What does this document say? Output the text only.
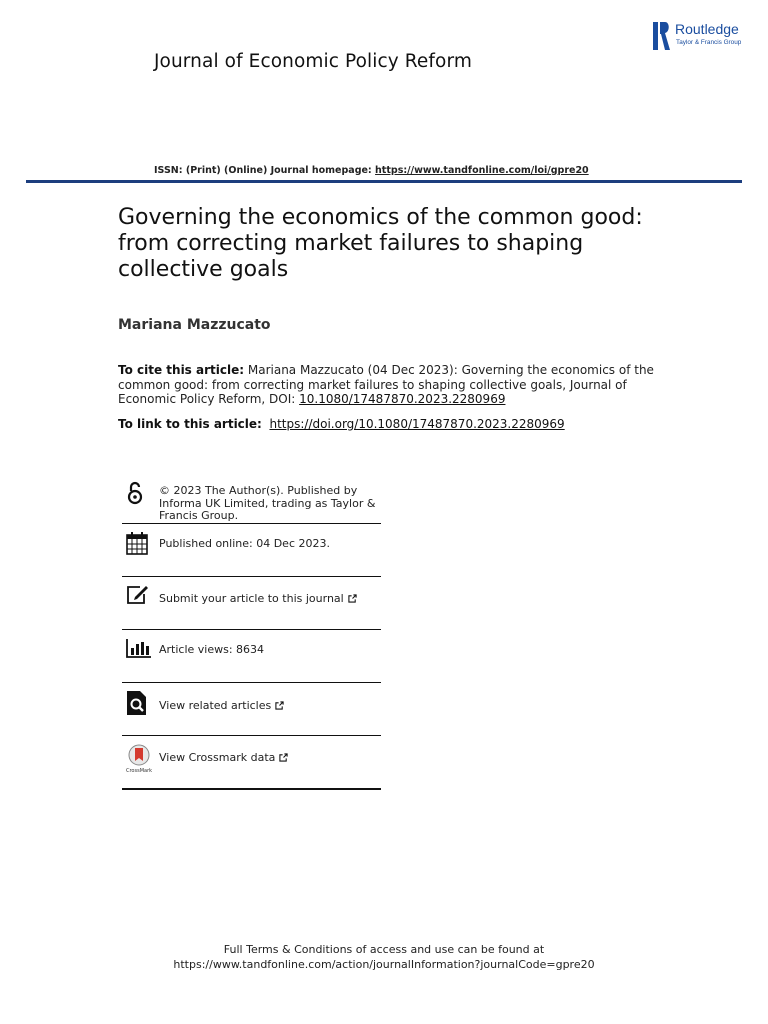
Journal of Economic Policy Reform
Routledge
Taylor & Francis Group
ISSN: (Print) (Online) Journal homepage: https://www.tandfonline.com/loi/gpre20
Governing the economics of the common good: from correcting market failures to shaping collective goals
Mariana Mazzucato
To cite this article: Mariana Mazzucato (04 Dec 2023): Governing the economics of the common good: from correcting market failures to shaping collective goals, Journal of Economic Policy Reform, DOI: 10.1080/17487870.2023.2280969
To link to this article: https://doi.org/10.1080/17487870.2023.2280969
© 2023 The Author(s). Published by Informa UK Limited, trading as Taylor & Francis Group.
Published online: 04 Dec 2023.
Submit your article to this journal
Article views: 8634
View related articles
CrossMark
View Crossmark data
Full Terms & Conditions of access and use can be found at
https://www.tandfonline.com/action/journalInformation?journalCode=gpre20
